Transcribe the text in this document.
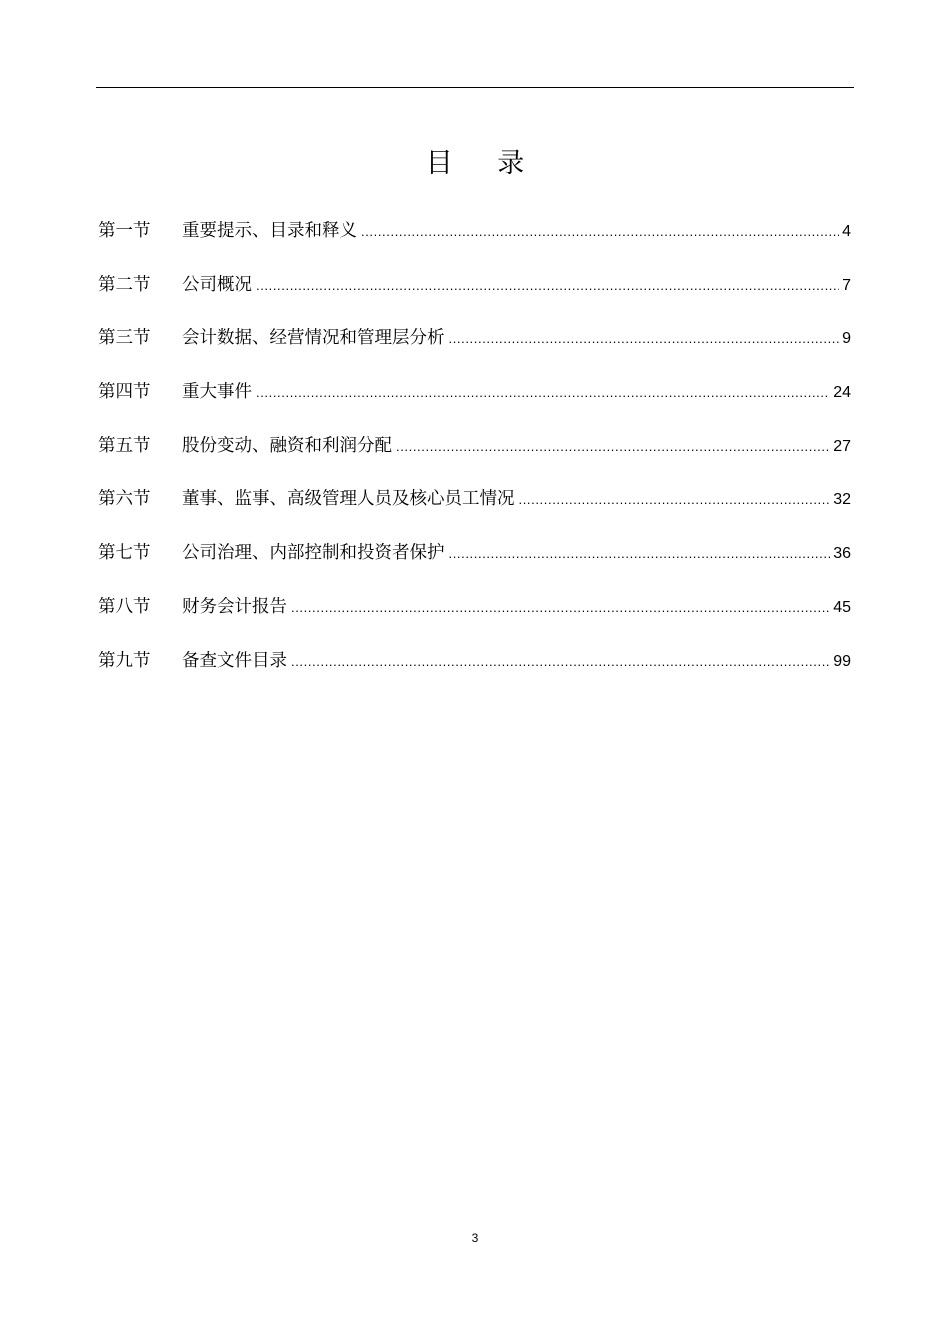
目 录
第一节	重要提示、目录和释义 .....	4
第二节	公司概况 .....	7
第三节	会计数据、经营情况和管理层分析 .....	9
第四节	重大事件 .....	24
第五节	股份变动、融资和利润分配 .....	27
第六节	董事、监事、高级管理人员及核心员工情况 .....	32
第七节	公司治理、内部控制和投资者保护 .....	36
第八节	财务会计报告 .....	45
第九节	备查文件目录 .....	99
3
